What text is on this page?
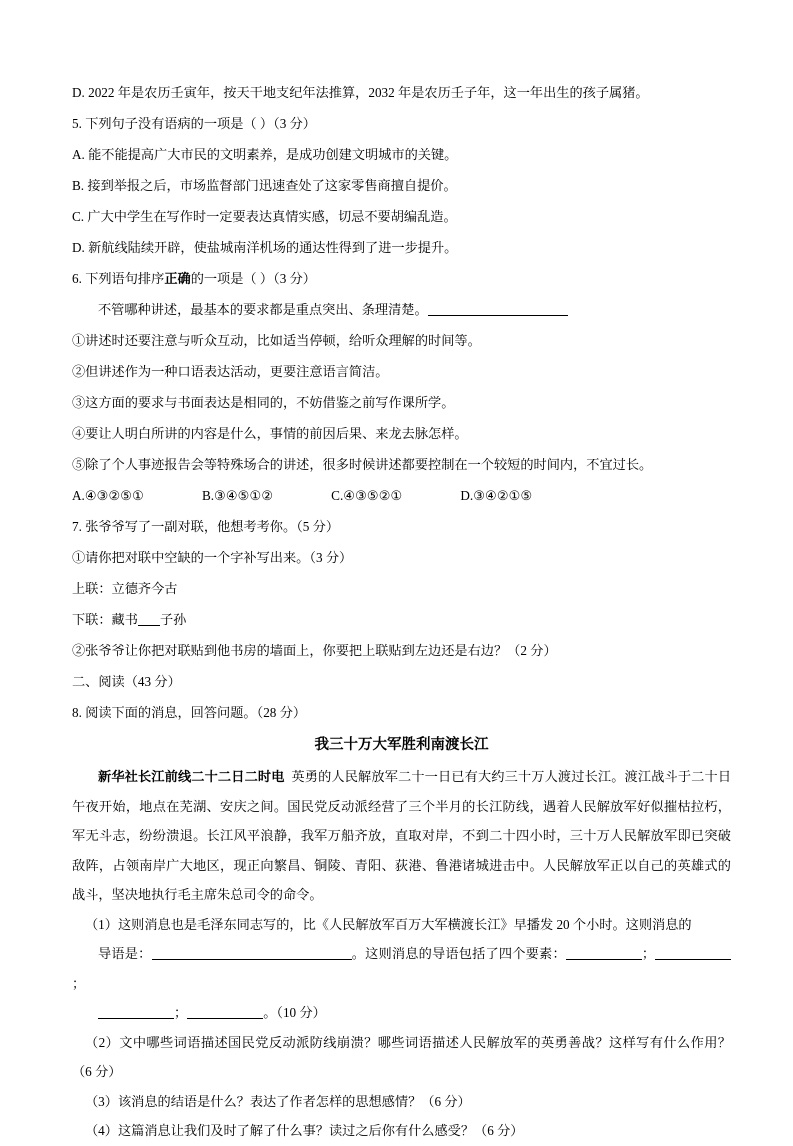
D. 2022 年是农历壬寅年，按天干地支纪年法推算，2032 年是农历壬子年，这一年出生的孩子属猪。
5. 下列句子没有语病的一项是（ ）（3 分）
A. 能不能提高广大市民的文明素养，是成功创建文明城市的关键。
B. 接到举报之后，市场监督部门迅速查处了这家零售商擅自提价。
C. 广大中学生在写作时一定要表达真情实感，切忌不要胡编乱造。
D. 新航线陆续开辟，使盐城南洋机场的通达性得到了进一步提升。
6. 下列语句排序正确的一项是（ ）（3 分）
不管哪种讲述，最基本的要求都是重点突出、条理清楚。
①讲述时还要注意与听众互动，比如适当停顿，给听众理解的时间等。
②但讲述作为一种口语表达活动，更要注意语言简洁。
③这方面的要求与书面表达是相同的，不妨借鉴之前写作课所学。
④要让人明白所讲的内容是什么，事情的前因后果、来龙去脉怎样。
⑤除了个人事迹报告会等特殊场合的讲述，很多时候讲述都要控制在一个较短的时间内，不宜过长。
A.④③②⑤①	B.③④⑤①②	C.④③⑤②①	D.③④②①⑤
7. 张爷爷写了一副对联，他想考考你。（5 分）
①请你把对联中空缺的一个字补写出来。（3 分）
上联：立德齐今古
下联：藏书 子孙
②张爷爷让你把对联贴到他书房的墙面上，你要把上联贴到左边还是右边？（2 分）
二、阅读（43 分）
8. 阅读下面的消息，回答问题。（28 分）
我三十万大军胜利南渡长江
新华社长江前线二十二日二时电 英勇的人民解放军二十一日已有大约三十万人渡过长江。渡江战斗于二十日午夜开始，地点在芜湖、安庆之间。国民党反动派经营了三个半月的长江防线，遇着人民解放军好似摧枯拉朽，军无斗志，纷纷溃退。长江风平浪静，我军万船齐放，直取对岸，不到二十四小时，三十万人民解放军即已突破敌阵，占领南岸广大地区，现正向繁昌、铜陵、青阳、荻港、鲁港诸城进击中。人民解放军正以自己的英雄式的战斗，坚决地执行毛主席朱总司令的命令。
（1）这则消息也是毛泽东同志写的，比《人民解放军百万大军横渡长江》早播发 20 个小时。这则消息的
导语是：	。这则消息的导语包括了四个要素：	；；
；	。（10 分）
（2）文中哪些词语描述国民党反动派防线崩溃？哪些词语描述人民解放军的英勇善战？这样写有什么作用？（6 分）
（3）该消息的结语是什么？表达了作者怎样的思想感情？（6 分）
（4）这篇消息让我们及时了解了什么事？读过之后你有什么感受？（6 分）
